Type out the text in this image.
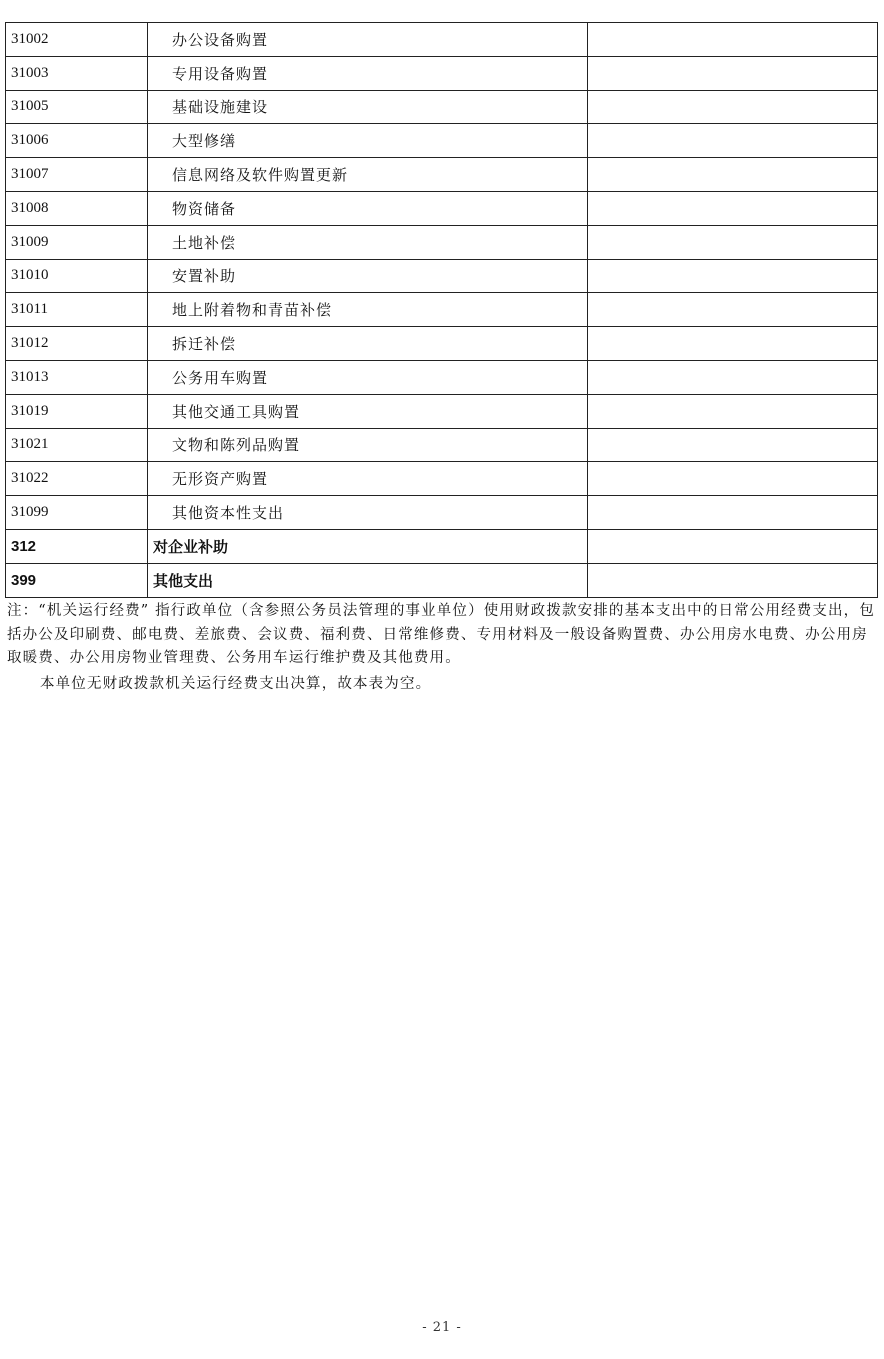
31002	办公设备购置	
31003	专用设备购置	
31005	基础设施建设	
31006	大型修缮	
31007	信息网络及软件购置更新	
31008	物资储备	
31009	土地补偿	
31010	安置补助	
31011	地上附着物和青苗补偿	
31012	拆迁补偿	
31013	公务用车购置	
31019	其他交通工具购置	
31021	文物和陈列品购置	
31022	无形资产购置	
31099	其他资本性支出	
312	对企业补助	
399	其他支出	

注：“机关运行经费” 指行政单位（含参照公务员法管理的事业单位）使用财政拨款安排的基本支出中的日常公用经费支出，包括办公及印刷费、邮电费、差旅费、会议费、福利费、日常维修费、专用材料及一般设备购置费、办公用房水电费、办公用房取暖费、办公用房物业管理费、公务用车运行维护费及其他费用。

本单位无财政拨款机关运行经费支出决算，故本表为空。

- 21 -
